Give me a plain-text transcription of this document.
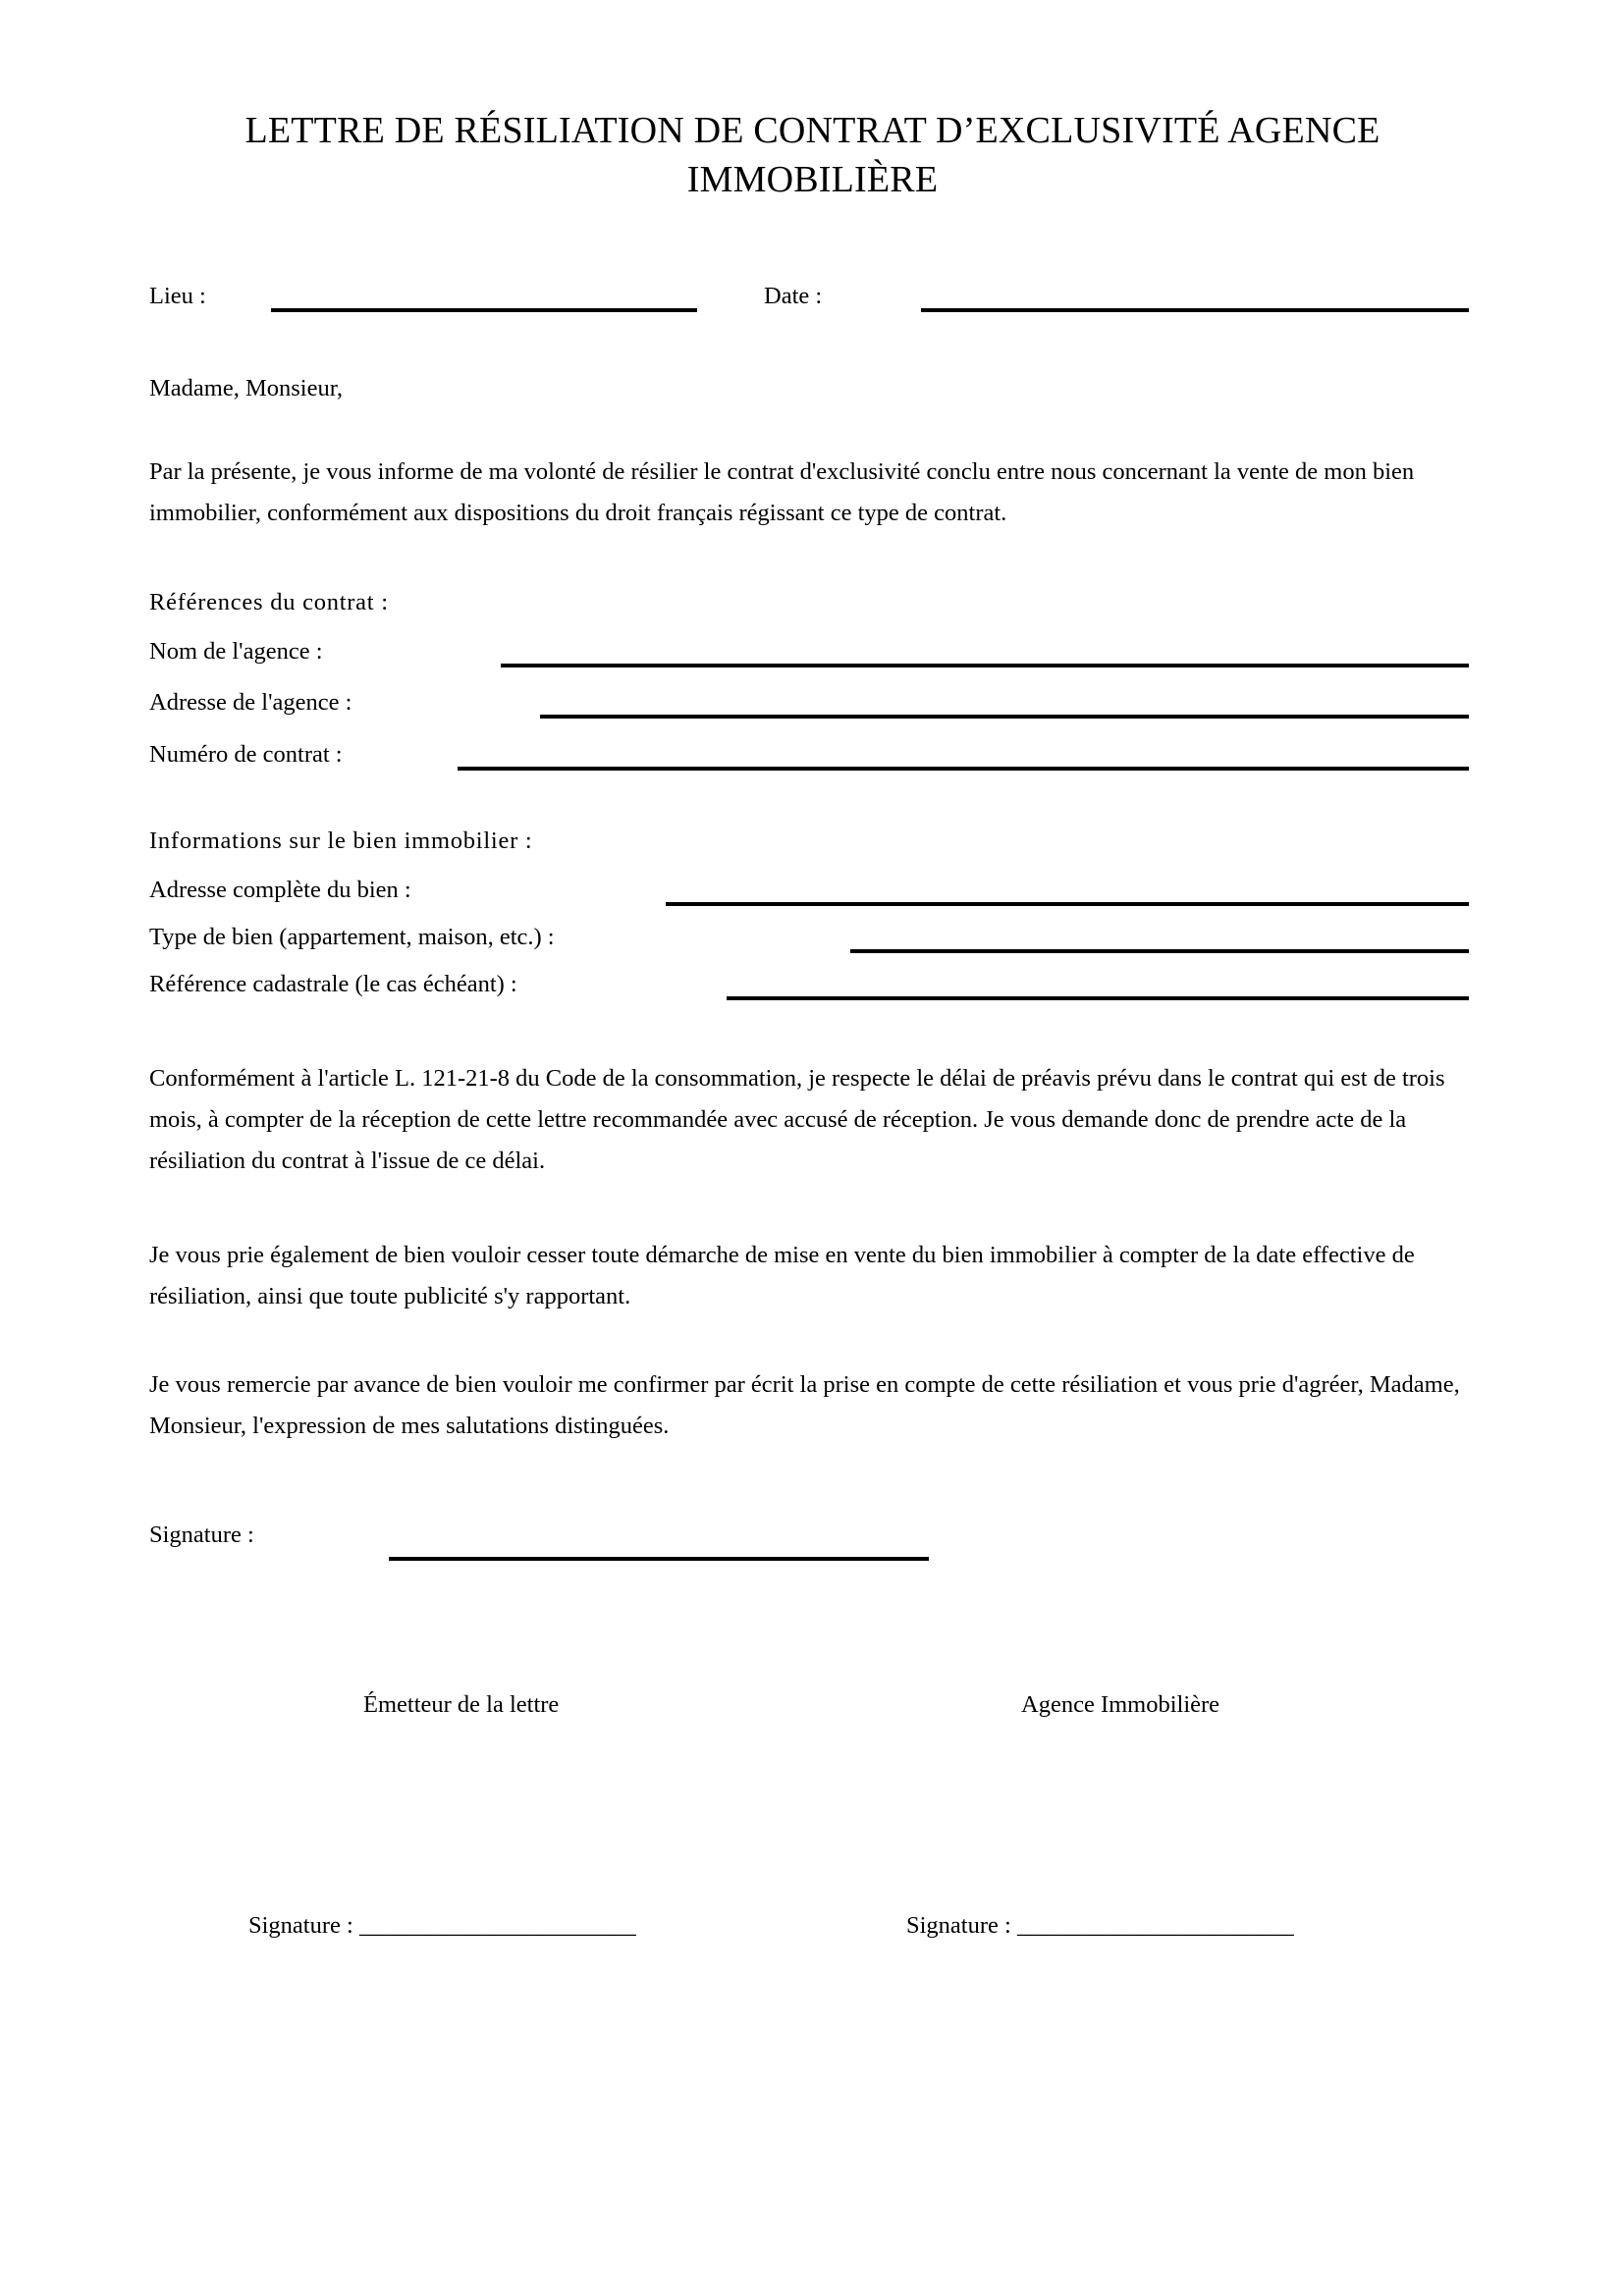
LETTRE DE RÉSILIATION DE CONTRAT D’EXCLUSIVITÉ AGENCE IMMOBILIÈRE
Lieu :	Date :
Madame, Monsieur,
Par la présente, je vous informe de ma volonté de résilier le contrat d'exclusivité conclu entre nous concernant la vente de mon bien immobilier, conformément aux dispositions du droit français régissant ce type de contrat.
Références du contrat :
Nom de l'agence :
Adresse de l'agence :
Numéro de contrat :
Informations sur le bien immobilier :
Adresse complète du bien :
Type de bien (appartement, maison, etc.) :
Référence cadastrale (le cas échéant) :
Conformément à l'article L. 121-21-8 du Code de la consommation, je respecte le délai de préavis prévu dans le contrat qui est de trois mois, à compter de la réception de cette lettre recommandée avec accusé de réception. Je vous demande donc de prendre acte de la résiliation du contrat à l'issue de ce délai.
Je vous prie également de bien vouloir cesser toute démarche de mise en vente du bien immobilier à compter de la date effective de résiliation, ainsi que toute publicité s'y rapportant.
Je vous remercie par avance de bien vouloir me confirmer par écrit la prise en compte de cette résiliation et vous prie d'agréer, Madame, Monsieur, l'expression de mes salutations distinguées.
Signature :
Émetteur de la lettre	Agence Immobilière
Signature : _______________________	Signature : _______________________
